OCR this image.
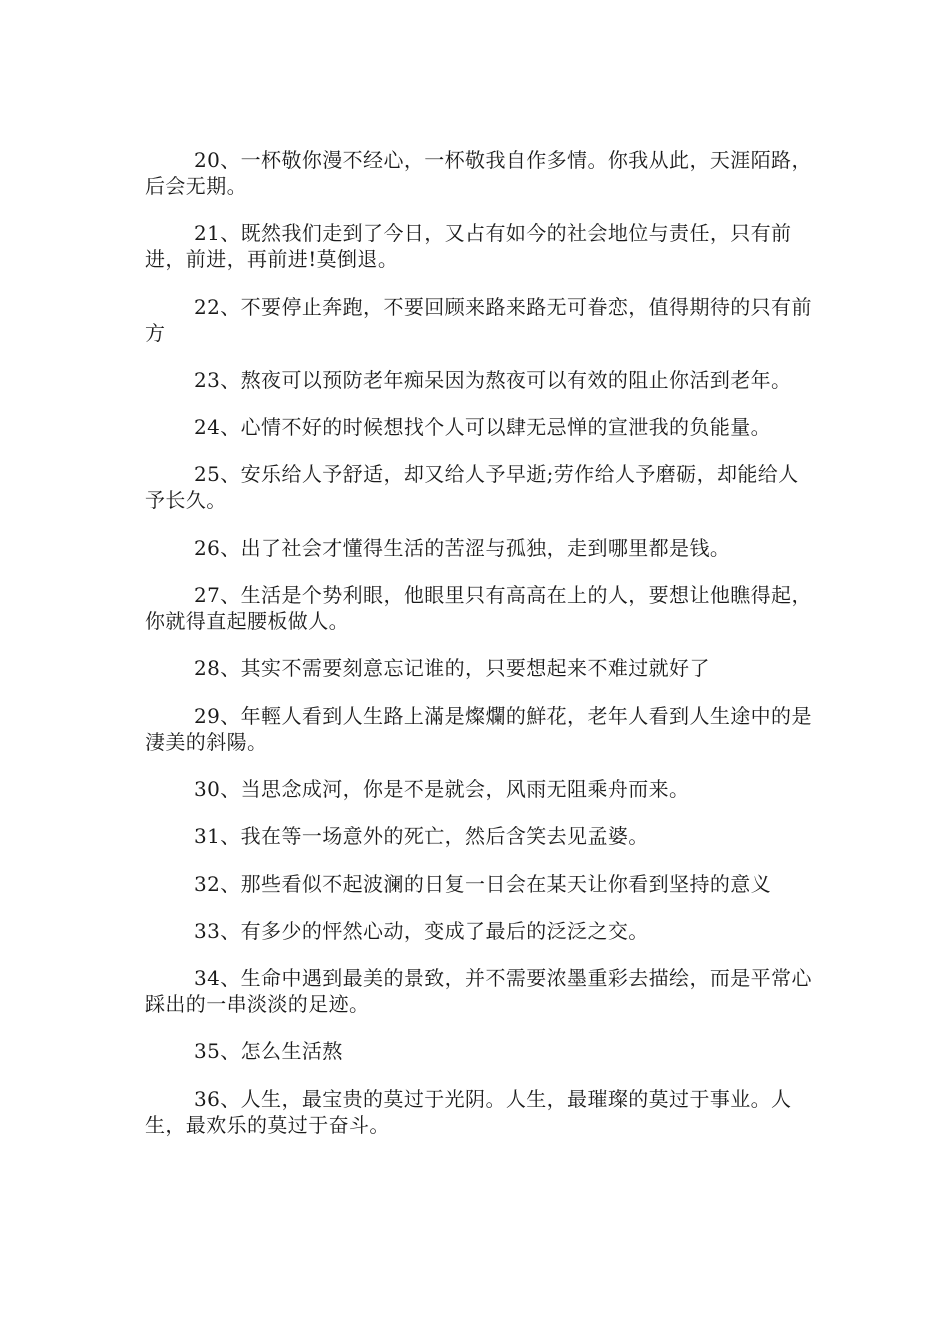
20、一杯敬你漫不经心，一杯敬我自作多情。你我从此，天涯陌路，后会无期。

21、既然我们走到了今日，又占有如今的社会地位与责任，只有前进，前进，再前进!莫倒退。

22、不要停止奔跑，不要回顾来路来路无可眷恋，值得期待的只有前方

23、熬夜可以预防老年痴呆因为熬夜可以有效的阻止你活到老年。

24、心情不好的时候想找个人可以肆无忌惮的宣泄我的负能量。

25、安乐给人予舒适，却又给人予早逝;劳作给人予磨砺，却能给人予长久。

26、出了社会才懂得生活的苦涩与孤独，走到哪里都是钱。

27、生活是个势利眼，他眼里只有高高在上的人，要想让他瞧得起，你就得直起腰板做人。

28、其实不需要刻意忘记谁的，只要想起来不难过就好了

29、年輕人看到人生路上滿是燦爛的鮮花，老年人看到人生途中的是淒美的斜陽。

30、当思念成河，你是不是就会，风雨无阻乘舟而来。

31、我在等一场意外的死亡，然后含笑去见孟婆。

32、那些看似不起波澜的日复一日会在某天让你看到坚持的意义

33、有多少的怦然心动，变成了最后的泛泛之交。

34、生命中遇到最美的景致，并不需要浓墨重彩去描绘，而是平常心踩出的一串淡淡的足迹。

35、怎么生活熬

36、人生，最宝贵的莫过于光阴。人生，最璀璨的莫过于事业。人生，最欢乐的莫过于奋斗。
